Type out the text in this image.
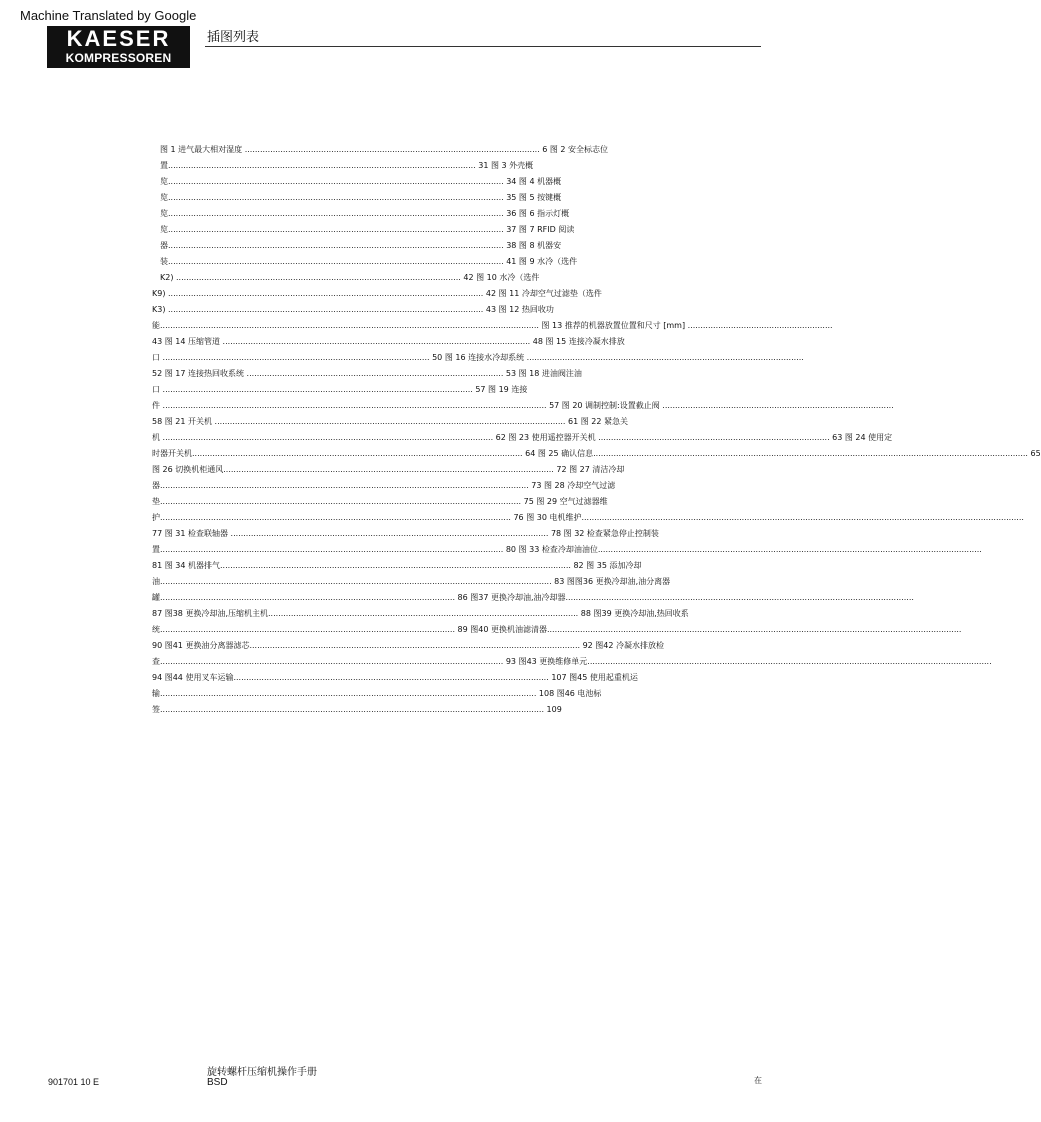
Machine Translated by Google
KAESER
KOMPRESSOREN
插图列表
图 1 进气最大相对湿度 .................................................................................................................... 6 图 2 安全标志位
置......................................................................................................................... 31 图 3 外壳概
览.................................................................................................................................... 34 图 4 机器概
览.................................................................................................................................... 35 图 5 按键概
览.................................................................................................................................... 36 图 6 指示灯概
览.................................................................................................................................... 37 图 7 RFID 阅读
器.................................................................................................................................... 38 图 8 机器安
装.................................................................................................................................... 41 图 9 水冷（选件
K2) ................................................................................................................ 42 图 10 水冷（选件
K9) ............................................................................................................................ 42 图 11 冷却空气过滤垫（选件
K3) ............................................................................................................................ 43 图 12 热回收功
能..................................................................................................................................................... 图 13 推荐的机器放置位置和尺寸 [mm] .........................................................
43 图 14 压缩管道 ......................................................................................................................... 48 图 15 连接冷凝水排放
口 ......................................................................................................... 50 图 16 连接水冷却系统 .............................................................................................................
52 图 17 连接热回收系统 ..................................................................................................... 53 图 18 进油阀注油
口 .......................................................................................................................... 57 图 19 连接
件 ....................................................................................................................................................... 57 图 20 调制控制:设置截止阀 ...........................................................................................
58 图 21 开关机 .......................................................................................................................................... 61 图 22 紧急关
机 .................................................................................................................................. 62 图 23 使用遥控器开关机 ........................................................................................... 63 图 24 使用定
时器开关机.................................................................................................................................. 64 图 25 确认信息........................................................................................................................................................................... 65
图 26 切换机柜通风.................................................................................................................................. 72 图 27 清洁冷却
器................................................................................................................................................. 73 图 28 冷却空气过滤
垫.............................................................................................................................................. 75 图 29 空气过滤器维
护.......................................................................................................................................... 76 图 30 电机维护..............................................................................................................................................................................
77 图 31 检查联轴器 ............................................................................................................................. 78 图 32 检查紧急停止控制装
置....................................................................................................................................... 80 图 33 检查冷却油油位.......................................................................................................................................................
81 图 34 机器排气.......................................................................................................................................... 82 图 35 添加冷却
油.......................................................................................................................................................... 83 图图36 更换冷却油,油分离器
罐.................................................................................................................... 86 图37 更换冷却油,油冷却器.........................................................................................................................................
87 图38 更换冷却油,压缩机主机.......................................................................................................................... 88 图39 更换冷却油,热回收系
统.................................................................................................................... 89 图40 更换机油滤清器...................................................................................................................................................................
90 图41 更换油分离器滤芯.................................................................................................................................. 92 图42 冷凝水排放检
查....................................................................................................................................... 93 图43 更换维修单元...............................................................................................................................................................
94 图44 使用叉车运输............................................................................................................................ 107 图45 使用起重机运
输.................................................................................................................................................... 108 图46 电池标
签....................................................................................................................................................... 109
901701 10 E
旋转螺杆压缩机操作手册
BSD	在
